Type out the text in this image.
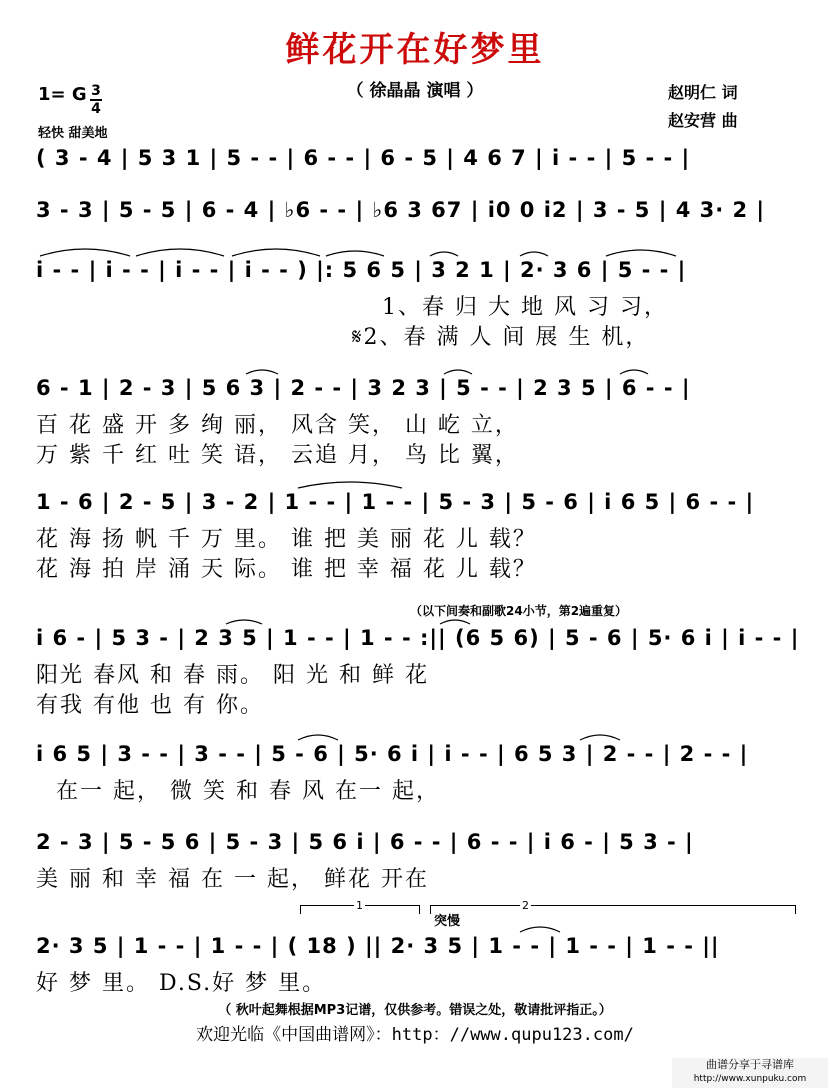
鲜花开在好梦里
（ 徐晶晶 演唱 ）	赵明仁 词
赵安营 曲
1= G 3
4
轻快 甜美地
( 3 - 4 | 5 3 1 | 5 - - | 6 - - | 6 - 5 | 4 6 7 | i - - | 5 - - |
3 - 3 | 5 - 5 | 6 - 4 | ♭6 - - | ♭6 3 67 | i0 0 i2 | 3 - 5 | 4 3· 2 |
i - - | i - - | i - - | i - - ) |: 5 6 5 | 3 2 1 | 2· 3 6 | 5 - - |
1、春 归 大 地 风 习 习，
𝄋2、春 满 人 间 展 生 机，
6 - 1 | 2 - 3 | 5 6 3 | 2 - - | 3 2 3 | 5 - - | 2 3 5 | 6 - - |
百 花 盛 开 多 绚 丽， 风含 笑， 山 屹 立，
万 紫 千 红 吐 笑 语， 云追 月， 鸟 比 翼，
1 - 6 | 2 - 5 | 3 - 2 | 1 - - | 1 - - | 5 - 3 | 5 - 6 | i 6 5 | 6 - - |
花 海 扬 帆 千 万 里。 谁 把 美 丽 花 儿 载？
花 海 拍 岸 涌 天 际。 谁 把 幸 福 花 儿 载？
（以下间奏和副歌24小节，第2遍重复）
i 6 - | 5 3 - | 2 3 5 | 1 - - | 1 - - :|| (6 5 6) | 5 - 6 | 5· 6 i | i - - |
阳光 春风 和 春 雨。 阳 光 和 鲜 花
有我 有他 也 有 你。
i 6 5 | 3 - - | 3 - - | 5 - 6 | 5· 6 i | i - - | 6 5 3 | 2 - - | 2 - - |
在一 起， 微 笑 和 春 风 在一 起，
2 - 3 | 5 - 5 6 | 5 - 3 | 5 6 i | 6 - - | 6 - - | i 6 - | 5 3 - |
美 丽 和 幸 福 在 一 起， 鲜花 开在
1	2
突慢
2· 3 5 | 1 - - | 1 - - | ( 18 ) || 2· 3 5 | 1 - - | 1 - - | 1 - - ||
好 梦 里。 D.S.好 梦 里。
（ 秋叶起舞根据MP3记谱，仅供参考。错误之处，敬请批评指正。）
欢迎光临《中国曲谱网》：http：//www.qupu123.com/
曲谱分享于寻谱库
http://www.xunpuku.com
